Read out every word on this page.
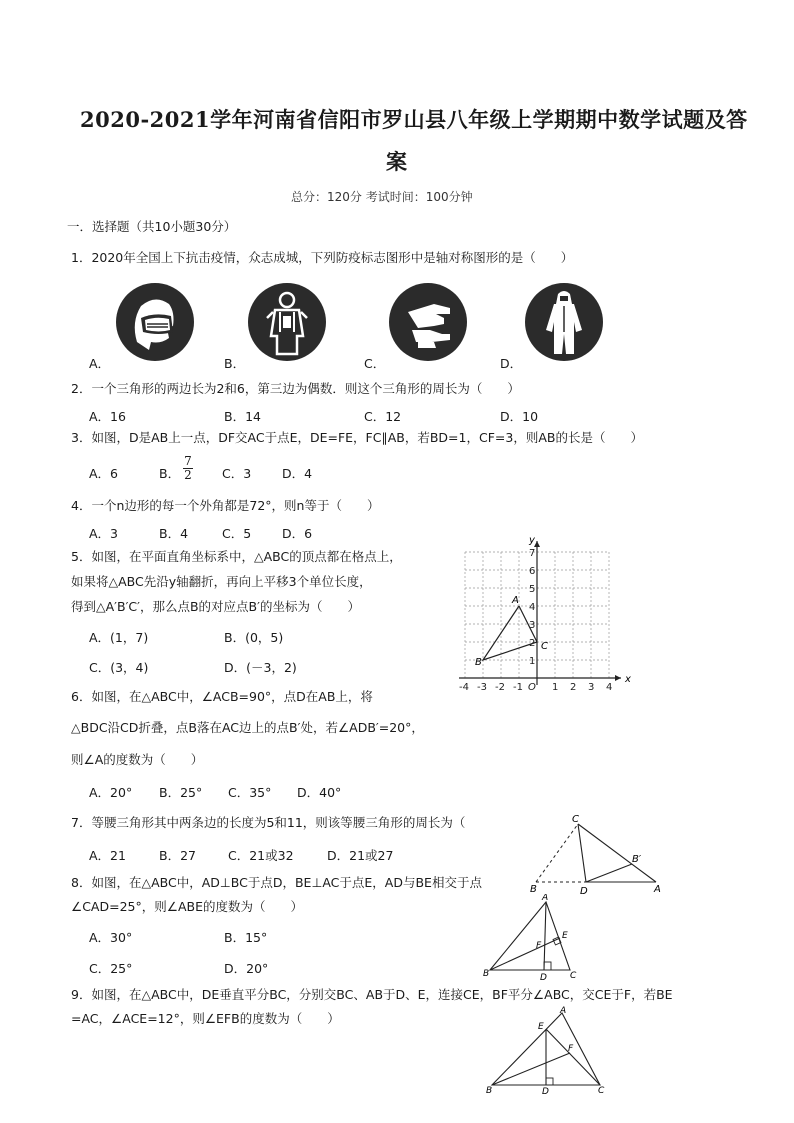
2020-2021学年河南省信阳市罗山县八年级上学期期中数学试题及答
案
总分：120分 考试时间：100分钟
一．选择题（共10小题30分）
1．2020年全国上下抗击疫情，众志成城，下列防疫标志图形中是轴对称图形的是（　　）
A．	B．	C．	D．
2．一个三角形的两边长为2和6，第三边为偶数．则这个三角形的周长为（　　）
A．16	B．14	C．12	D．10
3．如图，D是AB上一点，DF交AC于点E，DE=FE，FC∥AB，若BD=1，CF=3，则AB的长是（　　）
A．6	B．
7
2 C．3 D．4
4．一个n边形的每一个外角都是72°，则n等于（　　）
A．3	B．4	C．5 D．6
5．如图，在平面直角坐标系中，△ABC的顶点都在格点上，
如果将△ABC先沿y轴翻折，再向上平移3个单位长度，
得到△A′B′C′，那么点B的对应点B′的坐标为（　　）
A．(1，7)	B．(0，5)
C．(3，4)	D．(－3，2)
x
y
-4 -3 -2 -1 O 1 2 3 4
1
2
3
4
5
6
7
A
B
C
6．如图，在△ABC中，∠ACB=90°，点D在AB上，将
△BDC沿CD折叠，点B落在AC边上的点B′处，若∠ADB′=20°，
则∠A的度数为（　　）
A．20° B．25° C．35° D．40°
C
B′
B	D	A
7．等腰三角形其中两条边的长度为5和11，则该等腰三角形的周长为（
A．21	B．27	C．21或32	D．21或27
8．如图，在△ABC中，AD⊥BC于点D，BE⊥AC于点E，AD与BE相交于点
∠CAD=25°，则∠ABE的度数为（　　）
A．30°	B．15°
C．25°	D．20°
A
E
F
B	D	C
9．如图，在△ABC中，DE垂直平分BC，分别交BC、AB于D、E，连接CE，BF平分∠ABC，交CE于F，若BE
=AC，∠ACE=12°，则∠EFB的度数为（　　）	A
E
F
B	D	C
